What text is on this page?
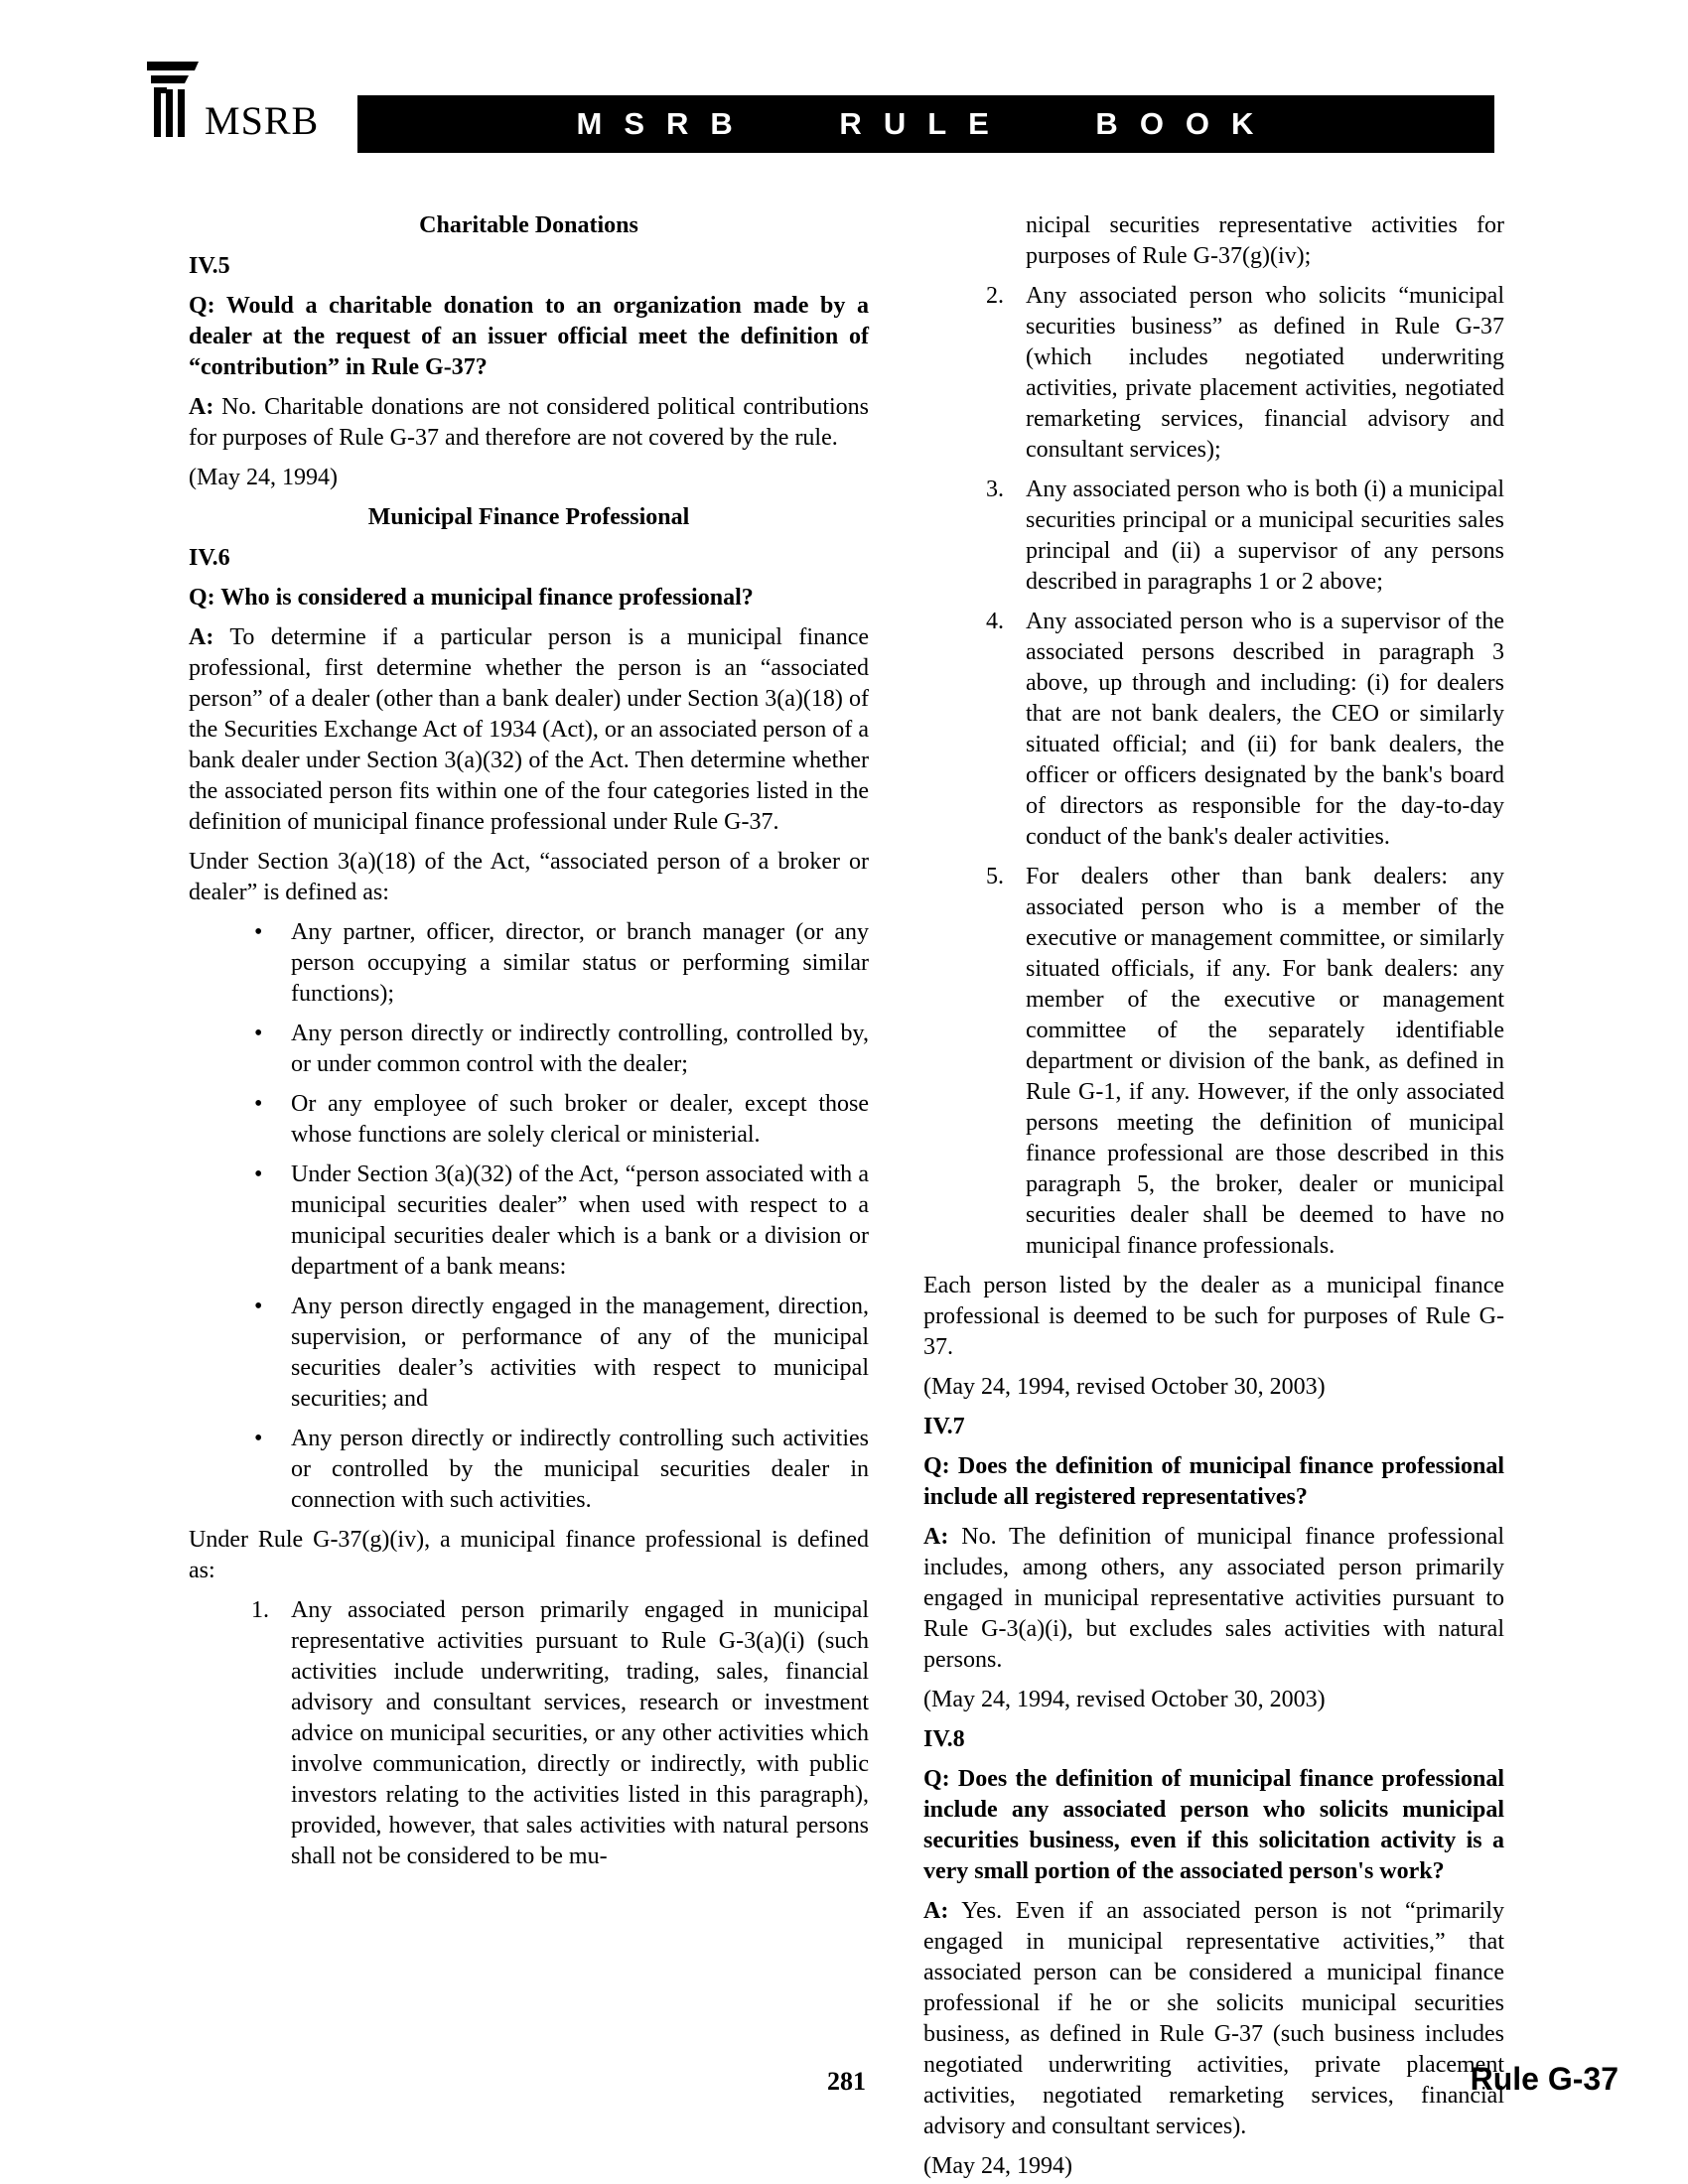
MSRB	MSRB RULE BOOK

Charitable Donations

IV.5

Q: Would a charitable donation to an organization made by a dealer at the request of an issuer official meet the definition of “contribution” in Rule G-37?

A: No. Charitable donations are not considered political contributions for purposes of Rule G-37 and therefore are not covered by the rule.

(May 24, 1994)

Municipal Finance Professional

IV.6

Q: Who is considered a municipal finance professional?

A: To determine if a particular person is a municipal finance professional, first determine whether the person is an “associated person” of a dealer (other than a bank dealer) under Section 3(a)(18) of the Securities Exchange Act of 1934 (Act), or an associated person of a bank dealer under Section 3(a)(32) of the Act. Then determine whether the associated person fits within one of the four categories listed in the definition of municipal finance professional under Rule G-37.

Under Section 3(a)(18) of the Act, “associated person of a broker or dealer” is defined as:

• Any partner, officer, director, or branch manager (or any person occupying a similar status or performing similar functions);
• Any person directly or indirectly controlling, controlled by, or under common control with the dealer;
• Or any employee of such broker or dealer, except those whose functions are solely clerical or ministerial.
• Under Section 3(a)(32) of the Act, “person associated with a municipal securities dealer” when used with respect to a municipal securities dealer which is a bank or a division or department of a bank means:
• Any person directly engaged in the management, direction, supervision, or performance of any of the municipal securities dealer’s activities with respect to municipal securities; and
• Any person directly or indirectly controlling such activities or controlled by the municipal securities dealer in connection with such activities.

Under Rule G-37(g)(iv), a municipal finance professional is defined as:

1. Any associated person primarily engaged in municipal representative activities pursuant to Rule G-3(a)(i) (such activities include underwriting, trading, sales, financial advisory and consultant services, research or investment advice on municipal securities, or any other activities which involve communication, directly or indirectly, with public investors relating to the activities listed in this paragraph), provided, however, that sales activities with natural persons shall not be considered to be mu-

nicipal securities representative activities for purposes of Rule G-37(g)(iv);

2. Any associated person who solicits “municipal securities business” as defined in Rule G-37 (which includes negotiated underwriting activities, private placement activities, negotiated remarketing services, financial advisory and consultant services);
3. Any associated person who is both (i) a municipal securities principal or a municipal securities sales principal and (ii) a supervisor of any persons described in paragraphs 1 or 2 above;
4. Any associated person who is a supervisor of the associated persons described in paragraph 3 above, up through and including: (i) for dealers that are not bank dealers, the CEO or similarly situated official; and (ii) for bank dealers, the officer or officers designated by the bank's board of directors as responsible for the day-to-day conduct of the bank's dealer activities.
5. For dealers other than bank dealers: any associated person who is a member of the executive or management committee, or similarly situated officials, if any. For bank dealers: any member of the executive or management committee of the separately identifiable department or division of the bank, as defined in Rule G-1, if any. However, if the only associated persons meeting the definition of municipal finance professional are those described in this paragraph 5, the broker, dealer or municipal securities dealer shall be deemed to have no municipal finance professionals.

Each person listed by the dealer as a municipal finance professional is deemed to be such for purposes of Rule G-37.

(May 24, 1994, revised October 30, 2003)

IV.7

Q: Does the definition of municipal finance professional include all registered representatives?

A: No. The definition of municipal finance professional includes, among others, any associated person primarily engaged in municipal representative activities pursuant to Rule G-3(a)(i), but excludes sales activities with natural persons.

(May 24, 1994, revised October 30, 2003)

IV.8

Q: Does the definition of municipal finance professional include any associated person who solicits municipal securities business, even if this solicitation activity is a very small portion of the associated person's work?

A: Yes. Even if an associated person is not “primarily engaged in municipal representative activities,” that associated person can be considered a municipal finance professional if he or she solicits municipal securities business, as defined in Rule G-37 (such business includes negotiated underwriting activities, private placement activities, negotiated remarketing services, financial advisory and consultant services).

(May 24, 1994)

281	Rule G-37
